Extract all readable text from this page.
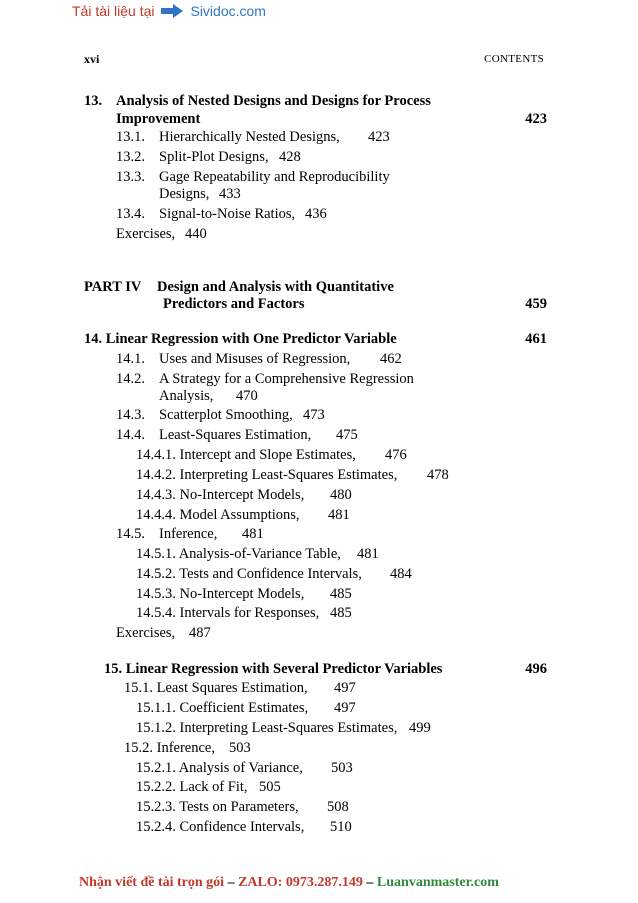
Tải tài liệu tại	Sividoc.com
xvi	CONTENTS
13. Analysis of Nested Designs and Designs for Process
Improvement	423
13.1. Hierarchically Nested Designs, 423
13.2. Split-Plot Designs, 428
13.3. Gage Repeatability and Reproducibility
Designs, 433
13.4. Signal-to-Noise Ratios, 436
Exercises, 440
PART IV Design and Analysis with Quantitative
Predictors and Factors	459
14. Linear Regression with One Predictor Variable	461
14.1. Uses and Misuses of Regression, 462
14.2. A Strategy for a Comprehensive Regression
Analysis, 470
14.3. Scatterplot Smoothing, 473
14.4. Least-Squares Estimation, 475
14.4.1. Intercept and Slope Estimates, 476
14.4.2. Interpreting Least-Squares Estimates, 478
14.4.3. No-Intercept Models, 480
14.4.4. Model Assumptions, 481
14.5. Inference, 481
14.5.1. Analysis-of-Variance Table, 481
14.5.2. Tests and Confidence Intervals, 484
14.5.3. No-Intercept Models, 485
14.5.4. Intervals for Responses, 485
Exercises, 487
15. Linear Regression with Several Predictor Variables	496
15.1. Least Squares Estimation, 497
15.1.1. Coefficient Estimates, 497
15.1.2. Interpreting Least-Squares Estimates, 499
15.2. Inference, 503
15.2.1. Analysis of Variance, 503
15.2.2. Lack of Fit, 505
15.2.3. Tests on Parameters, 508
15.2.4. Confidence Intervals, 510
Nhận viết đề tài trọn gói – ZALO: 0973.287.149 – Luanvanmaster.com
